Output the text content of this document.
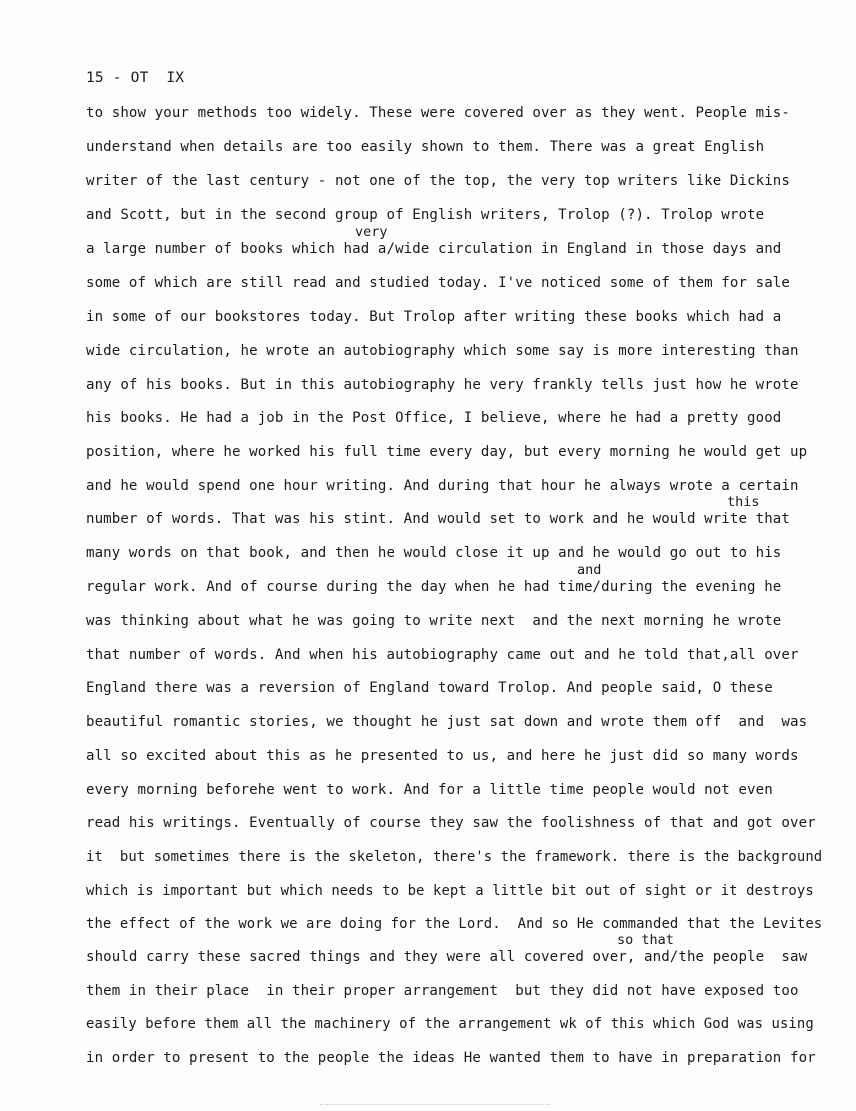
15 - OT  IX
to show your methods too widely. These were covered over as they went. People mis-
understand when details are too easily shown to them. There was a great English
writer of the last century - not one of the top, the very top writers like Dickins
and Scott, but in the second group of English writers, Trolop (?). Trolop wrote
very
a large number of books which had a/wide circulation in England in those days and
some of which are still read and studied today. I've noticed some of them for sale
in some of our bookstores today. But Trolop after writing these books which had a
wide circulation, he wrote an autobiography which some say is more interesting than
any of his books. But in this autobiography he very frankly tells just how he wrote
his books. He had a job in the Post Office, I believe, where he had a pretty good
position, where he worked his full time every day, but every morning he would get up
and he would spend one hour writing. And during that hour he always wrote a certain
this
number of words. That was his stint. And would set to work and he would write that
many words on that book, and then he would close it up and he would go out to his
and
regular work. And of course during the day when he had time/during the evening he
was thinking about what he was going to write next  and the next morning he wrote
that number of words. And when his autobiography came out and he told that,all over
England there was a reversion of England toward Trolop. And people said, O these
beautiful romantic stories, we thought he just sat down and wrote them off  and  was
all so excited about this as he presented to us, and here he just did so many words
every morning beforehe went to work. And for a little time people would not even
read his writings. Eventually of course they saw the foolishness of that and got over
it  but sometimes there is the skeleton, there's the framework. there is the background
which is important but which needs to be kept a little bit out of sight or it destroys
the effect of the work we are doing for the Lord.  And so He commanded that the Levites
so that
should carry these sacred things and they were all covered over, and/the people  saw
them in their place  in their proper arrangement  but they did not have exposed too
easily before them all the machinery of the arrangement wk of this which God was using
in order to present to the people the ideas He wanted them to have in preparation for
